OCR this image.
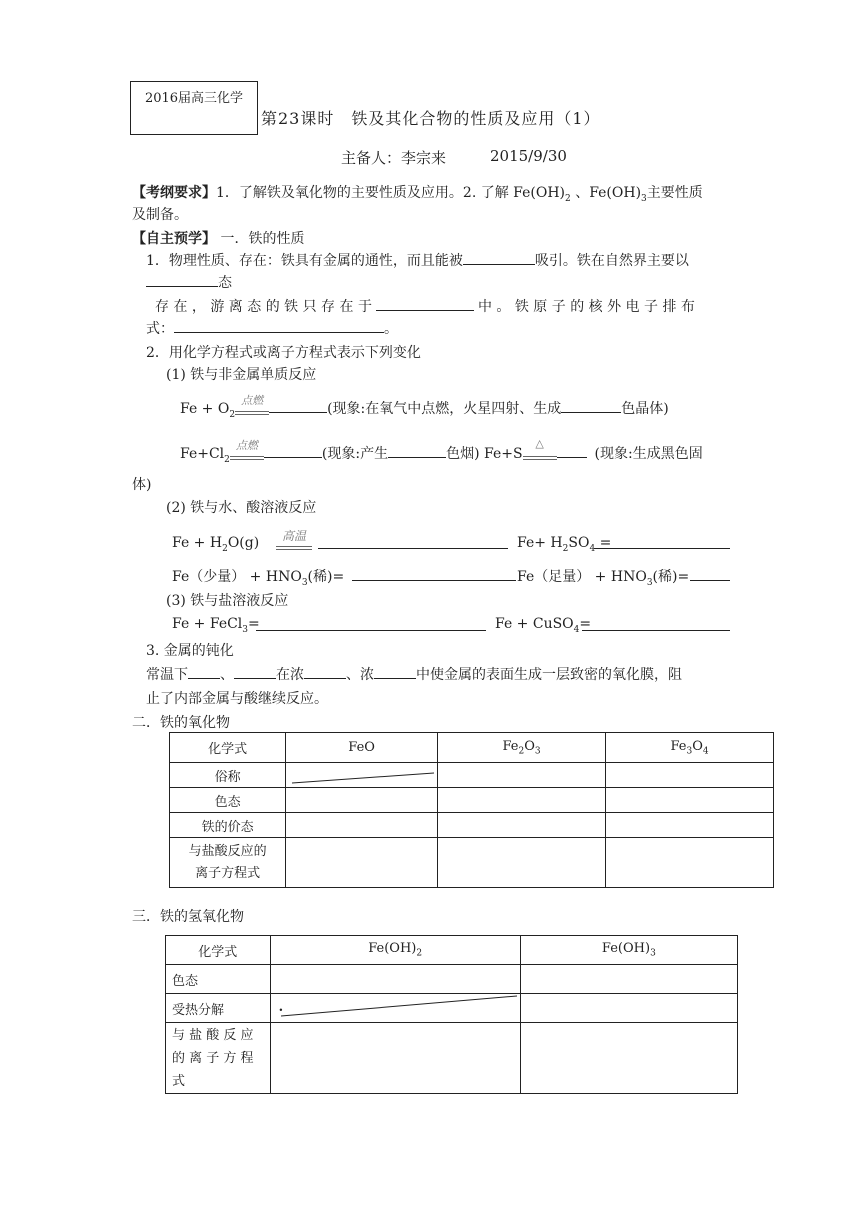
2016届高三化学
第23课时　铁及其化合物的性质及应用（1）
主备人：李宗来	2015/9/30
【考纲要求】1．了解铁及氧化物的主要性质及应用。2. 了解 $Fe(OH)_2$ 、$Fe(OH)_3$主要性质
及制备。
【自主预学】 一．铁的性质
1．物理性质、存在：铁具有金属的通性，而且能被	吸引。铁在自然界主要以
态
存 在 ， 游 离 态 的 铁 只 存 在 于	中 。 铁 原 子 的 核 外 电 子 排 布
式：	。
2．用化学方程式或离子方程式表示下列变化
(1) 铁与非金属单质反应
$Fe + O_2$
点燃
(现象:在氧气中点燃，火星四射、生成	色晶体)
$Fe+Cl_2$
点燃
(现象:产生	色烟) Fe+S
△
(现象:生成黑色固
体)
(2) 铁与水、酸溶液反应
$Fe + H_2O(g)$	高温	$Fe+ H_2SO_4$ =
Fe（少量） + $HNO_3$(稀)=	Fe（足量） + $HNO_3$(稀)=
(3) 铁与盐溶液反应
Fe + FeCl$_3$=	Fe + CuSO$_4$=
3. 金属的钝化
常温下 、	在浓	、浓	中使金属的表面生成一层致密的氧化膜，阻
止了内部金属与酸继续反应。
二．铁的氧化物
化学式	FeO	$Fe_2O_3$	$Fe_3O_4$
俗称	

色态			
铁的价态			
与盐酸反应的
离子方程式			
三．铁的氢氧化物
化学式	$Fe(OH)_2$	$Fe(OH)_3$
色态		
受热分解	.	

与 盐 酸 反 应
的 离 子 方 程
式		
